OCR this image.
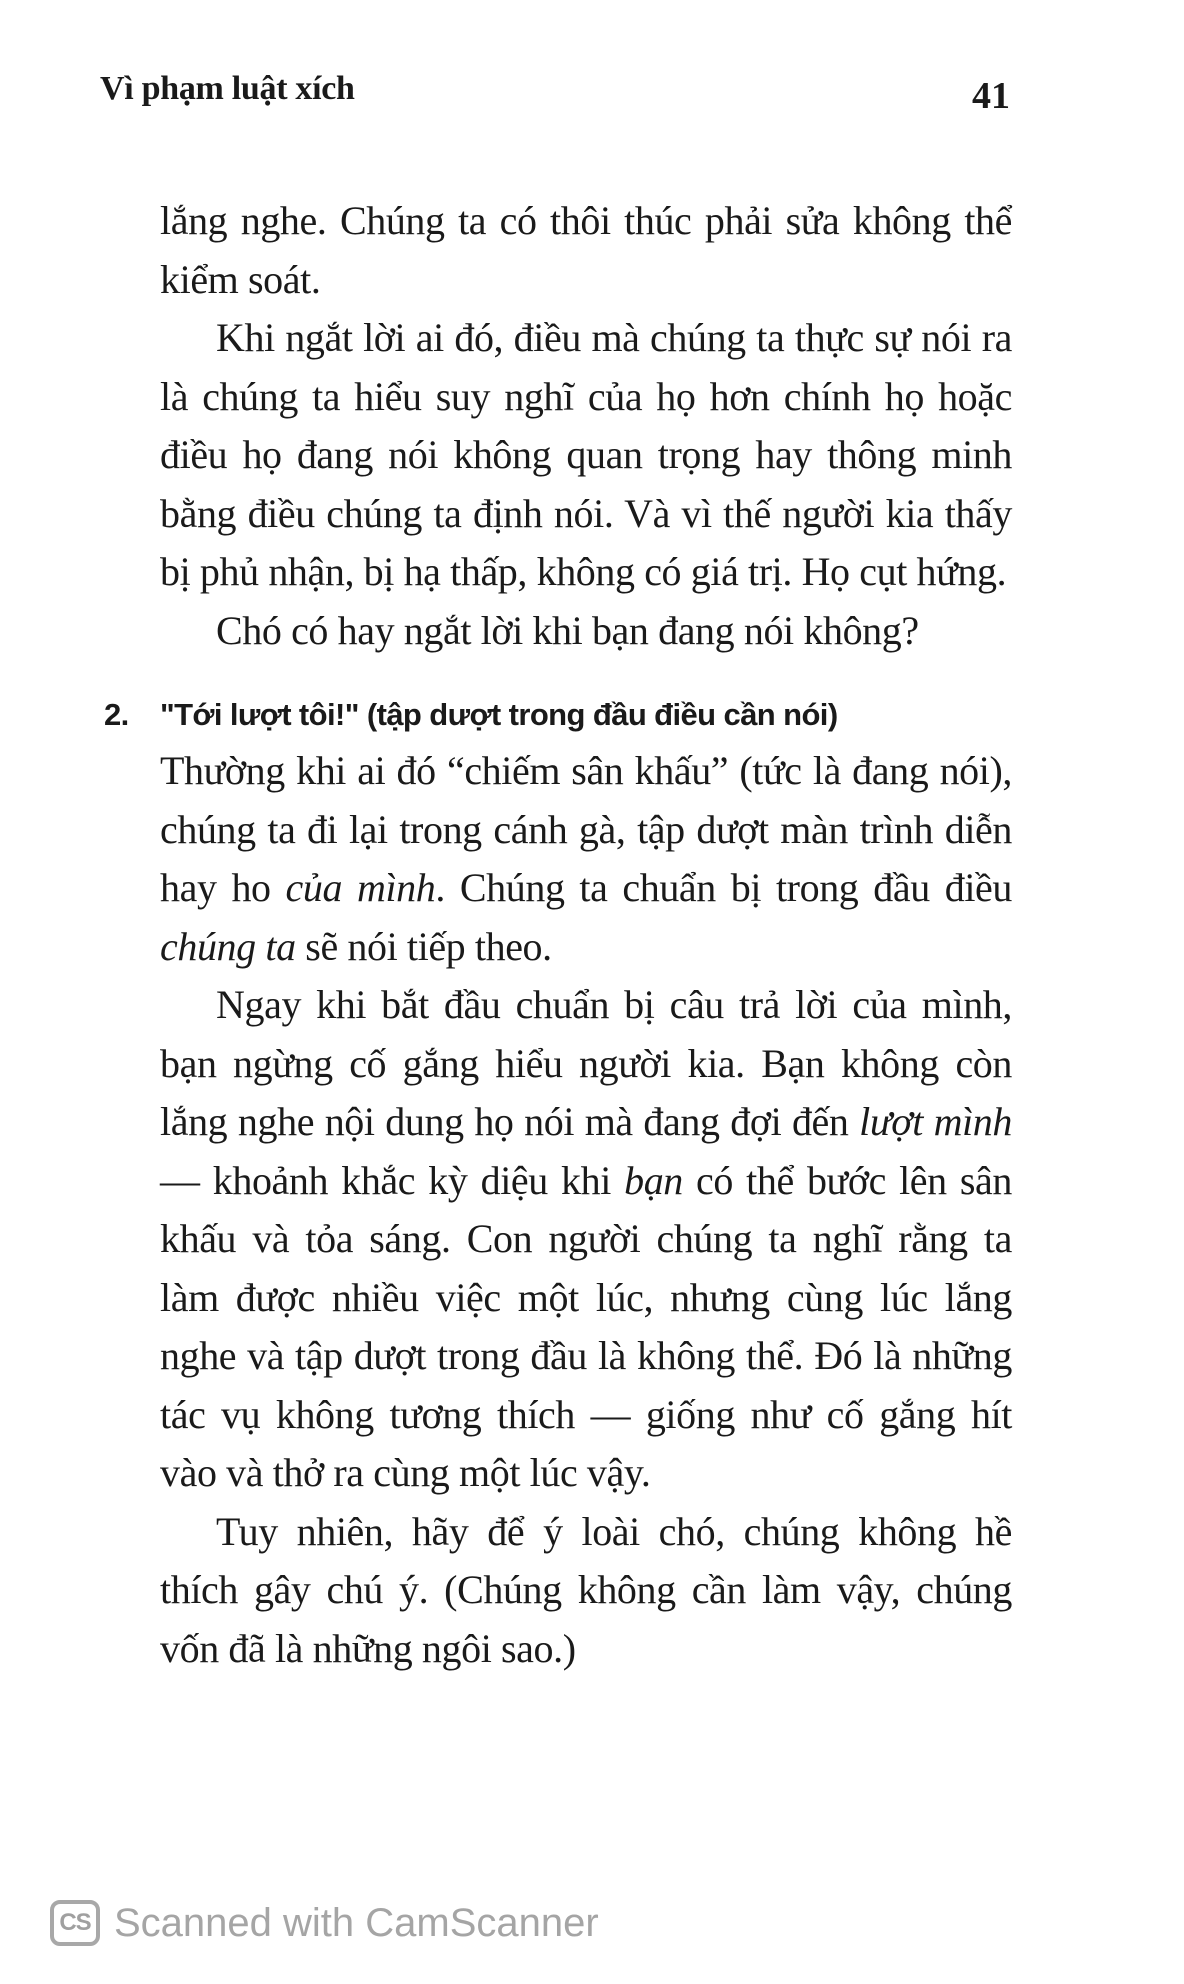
Vì phạm luật xích	41

lắng nghe. Chúng ta có thôi thúc phải sửa không thể kiểm soát.

Khi ngắt lời ai đó, điều mà chúng ta thực sự nói ra là chúng ta hiểu suy nghĩ của họ hơn chính họ hoặc điều họ đang nói không quan trọng hay thông minh bằng điều chúng ta định nói. Và vì thế người kia thấy bị phủ nhận, bị hạ thấp, không có giá trị. Họ cụt hứng.

Chó có hay ngắt lời khi bạn đang nói không?

2. "Tới lượt tôi!" (tập dượt trong đầu điều cần nói)

Thường khi ai đó “chiếm sân khấu” (tức là đang nói), chúng ta đi lại trong cánh gà, tập dượt màn trình diễn hay ho của mình. Chúng ta chuẩn bị trong đầu điều chúng ta sẽ nói tiếp theo.

Ngay khi bắt đầu chuẩn bị câu trả lời của mình, bạn ngừng cố gắng hiểu người kia. Bạn không còn lắng nghe nội dung họ nói mà đang đợi đến lượt mình — khoảnh khắc kỳ diệu khi bạn có thể bước lên sân khấu và tỏa sáng. Con người chúng ta nghĩ rằng ta làm được nhiều việc một lúc, nhưng cùng lúc lắng nghe và tập dượt trong đầu là không thể. Đó là những tác vụ không tương thích — giống như cố gắng hít vào và thở ra cùng một lúc vậy.

Tuy nhiên, hãy để ý loài chó, chúng không hề thích gây chú ý. (Chúng không cần làm vậy, chúng vốn đã là những ngôi sao.)

CS Scanned with CamScanner
